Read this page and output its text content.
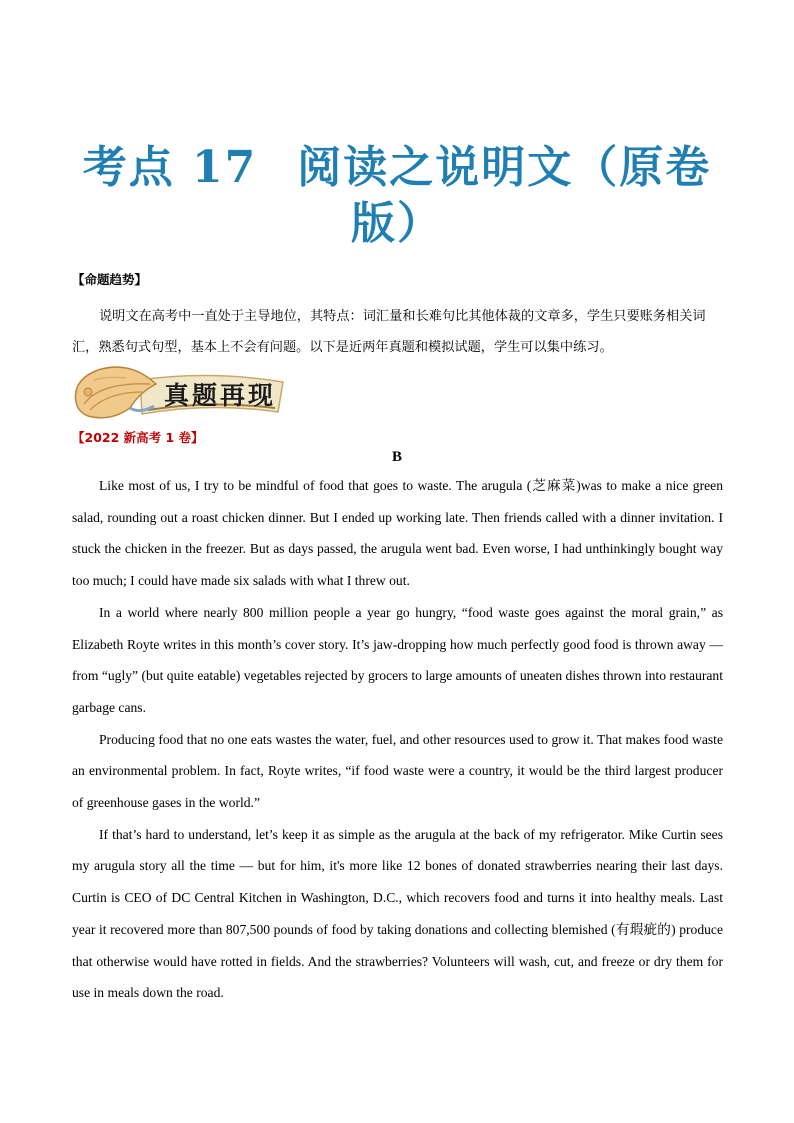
考点 17 阅读之说明文（原卷
版）
【命题趋势】

说明文在高考中一直处于主导地位，其特点：词汇量和长难句比其他体裁的文章多，学生只要账务相关词汇，熟悉句式句型，基本上不会有问题。以下是近两年真题和模拟试题，学生可以集中练习。

真题再现
【2022 新高考 1 卷】
B

Like most of us, I try to be mindful of food that goes to waste. The arugula (芝麻菜)was to make a nice green salad, rounding out a roast chicken dinner. But I ended up working late. Then friends called with a dinner invitation. I stuck the chicken in the freezer. But as days passed, the arugula went bad. Even worse, I had unthinkingly bought way too much; I could have made six salads with what I threw out.

In a world where nearly 800 million people a year go hungry, “food waste goes against the moral grain,” as Elizabeth Royte writes in this month’s cover story. It’s jaw-dropping how much perfectly good food is thrown away — from “ugly” (but quite eatable) vegetables rejected by grocers to large amounts of uneaten dishes thrown into restaurant garbage cans.

Producing food that no one eats wastes the water, fuel, and other resources used to grow it. That makes food waste an environmental problem. In fact, Royte writes, “if food waste were a country, it would be the third largest producer of greenhouse gases in the world.”

If that’s hard to understand, let’s keep it as simple as the arugula at the back of my refrigerator. Mike Curtin sees my arugula story all the time — but for him, it's more like 12 bones of donated strawberries nearing their last days. Curtin is CEO of DC Central Kitchen in Washington, D.C., which recovers food and turns it into healthy meals. Last year it recovered more than 807,500 pounds of food by taking donations and collecting blemished (有瑕疵的) produce that otherwise would have rotted in fields. And the strawberries? Volunteers will wash, cut, and freeze or dry them for use in meals down the road.
